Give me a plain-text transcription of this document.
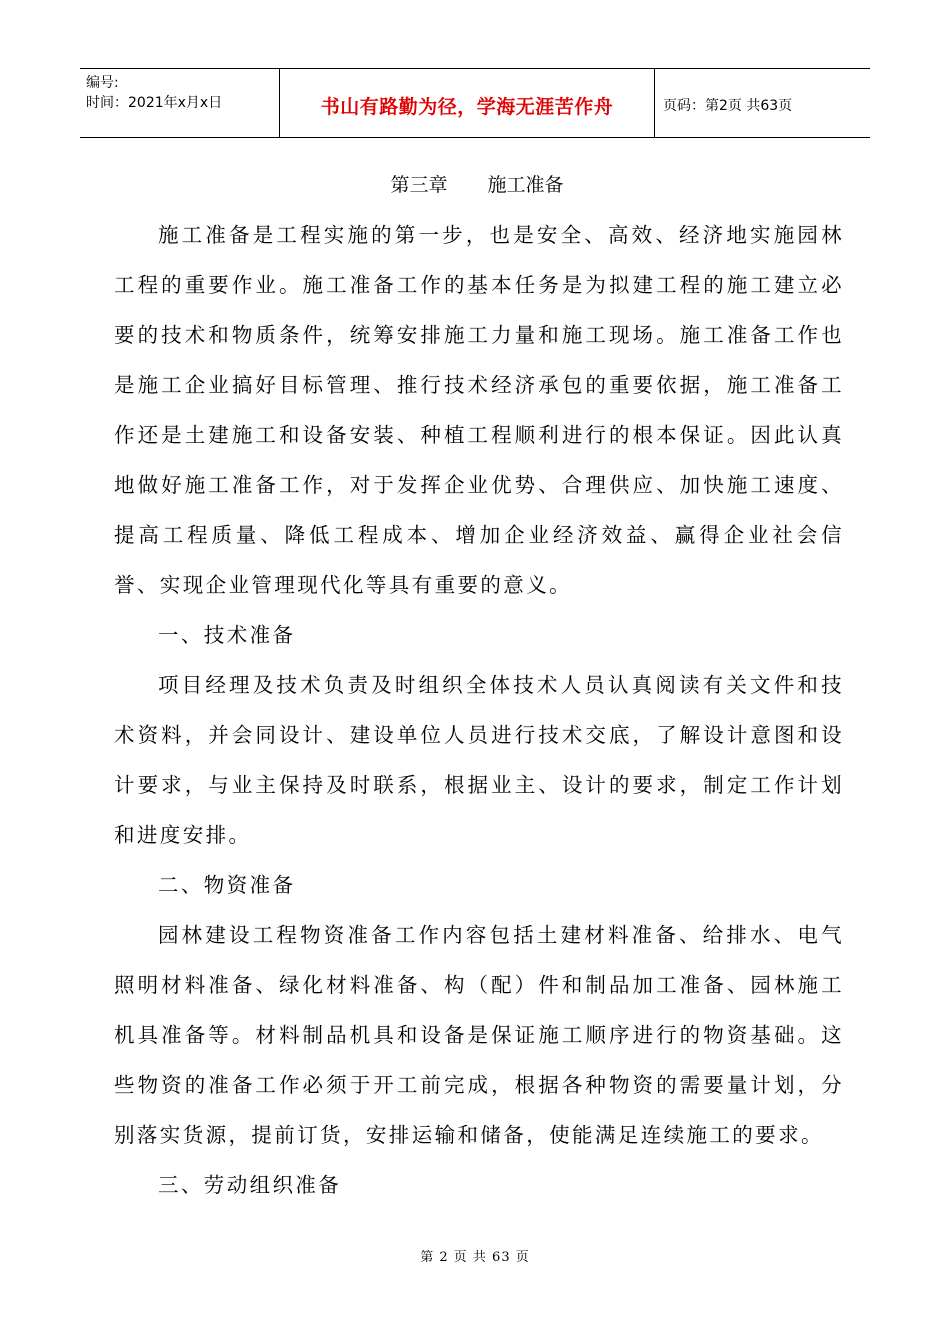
编号:
时间：2021年x月x日	书山有路勤为径，学海无涯苦作舟	页码：第2页 共63页
第三章 施工准备

施工准备是工程实施的第一步，也是安全、高效、经济地实施园林工程的重要作业。施工准备工作的基本任务是为拟建工程的施工建立必要的技术和物质条件，统筹安排施工力量和施工现场。施工准备工作也是施工企业搞好目标管理、推行技术经济承包的重要依据，施工准备工作还是土建施工和设备安装、种植工程顺利进行的根本保证。因此认真地做好施工准备工作，对于发挥企业优势、合理供应、加快施工速度、提高工程质量、降低工程成本、增加企业经济效益、赢得企业社会信誉、实现企业管理现代化等具有重要的意义。

一、技术准备

项目经理及技术负责及时组织全体技术人员认真阅读有关文件和技术资料，并会同设计、建设单位人员进行技术交底，了解设计意图和设计要求，与业主保持及时联系，根据业主、设计的要求，制定工作计划和进度安排。

二、物资准备

园林建设工程物资准备工作内容包括土建材料准备、给排水、电气照明材料准备、绿化材料准备、构（配）件和制品加工准备、园林施工机具准备等。材料制品机具和设备是保证施工顺序进行的物资基础。这些物资的准备工作必须于开工前完成，根据各种物资的需要量计划，分别落实货源，提前订货，安排运输和储备，使能满足连续施工的要求。

三、劳动组织准备

第 2 页 共 63 页
